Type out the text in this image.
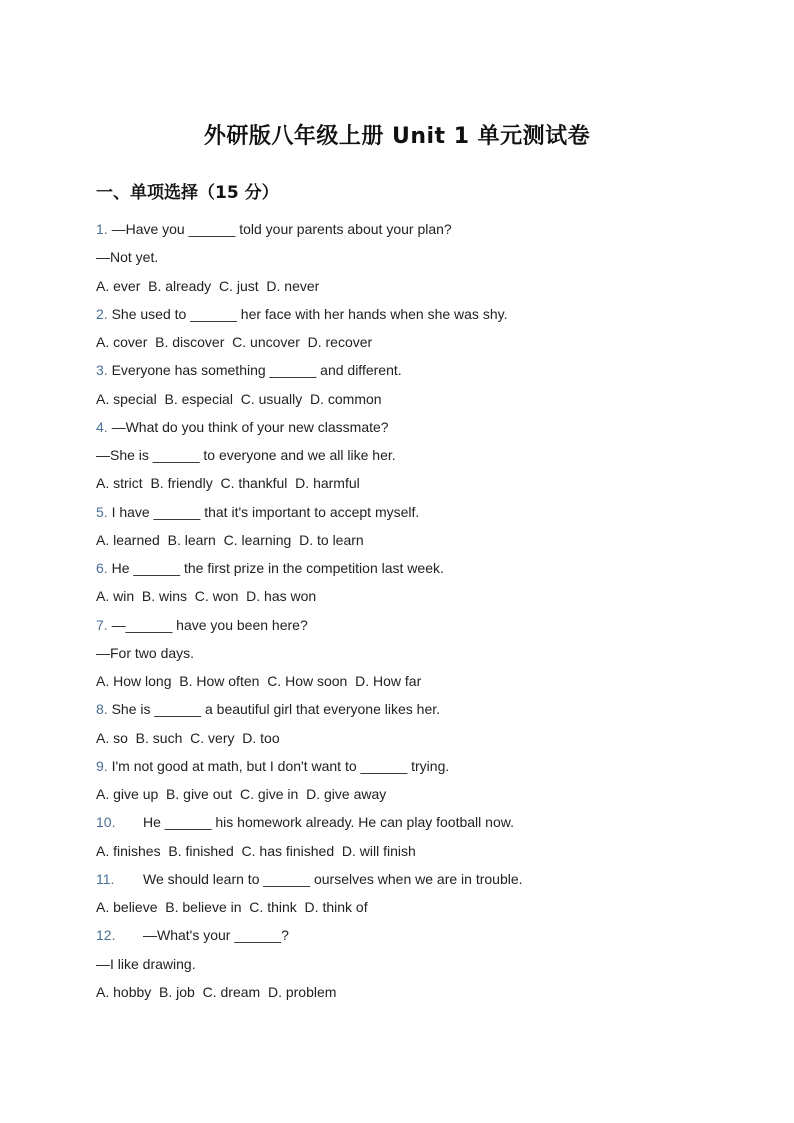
外研版八年级上册 Unit 1 单元测试卷
一、单项选择（15 分）
1. —Have you ______ told your parents about your plan?
—Not yet.
A. ever  B. already  C. just  D. never
2. She used to ______ her face with her hands when she was shy.
A. cover  B. discover  C. uncover  D. recover
3. Everyone has something ______ and different.
A. special  B. especial  C. usually  D. common
4. —What do you think of your new classmate?
—She is ______ to everyone and we all like her.
A. strict  B. friendly  C. thankful  D. harmful
5. I have ______ that it's important to accept myself.
A. learned  B. learn  C. learning  D. to learn
6. He ______ the first prize in the competition last week.
A. win  B. wins  C. won  D. has won
7. —______ have you been here?
—For two days.
A. How long  B. How often  C. How soon  D. How far
8. She is ______ a beautiful girl that everyone likes her.
A. so  B. such  C. very  D. too
9. I'm not good at math, but I don't want to ______ trying.
A. give up  B. give out  C. give in  D. give away
10. He ______ his homework already. He can play football now.
A. finishes  B. finished  C. has finished  D. will finish
11. We should learn to ______ ourselves when we are in trouble.
A. believe  B. believe in  C. think  D. think of
12. —What's your ______?
—I like drawing.
A. hobby  B. job  C. dream  D. problem
